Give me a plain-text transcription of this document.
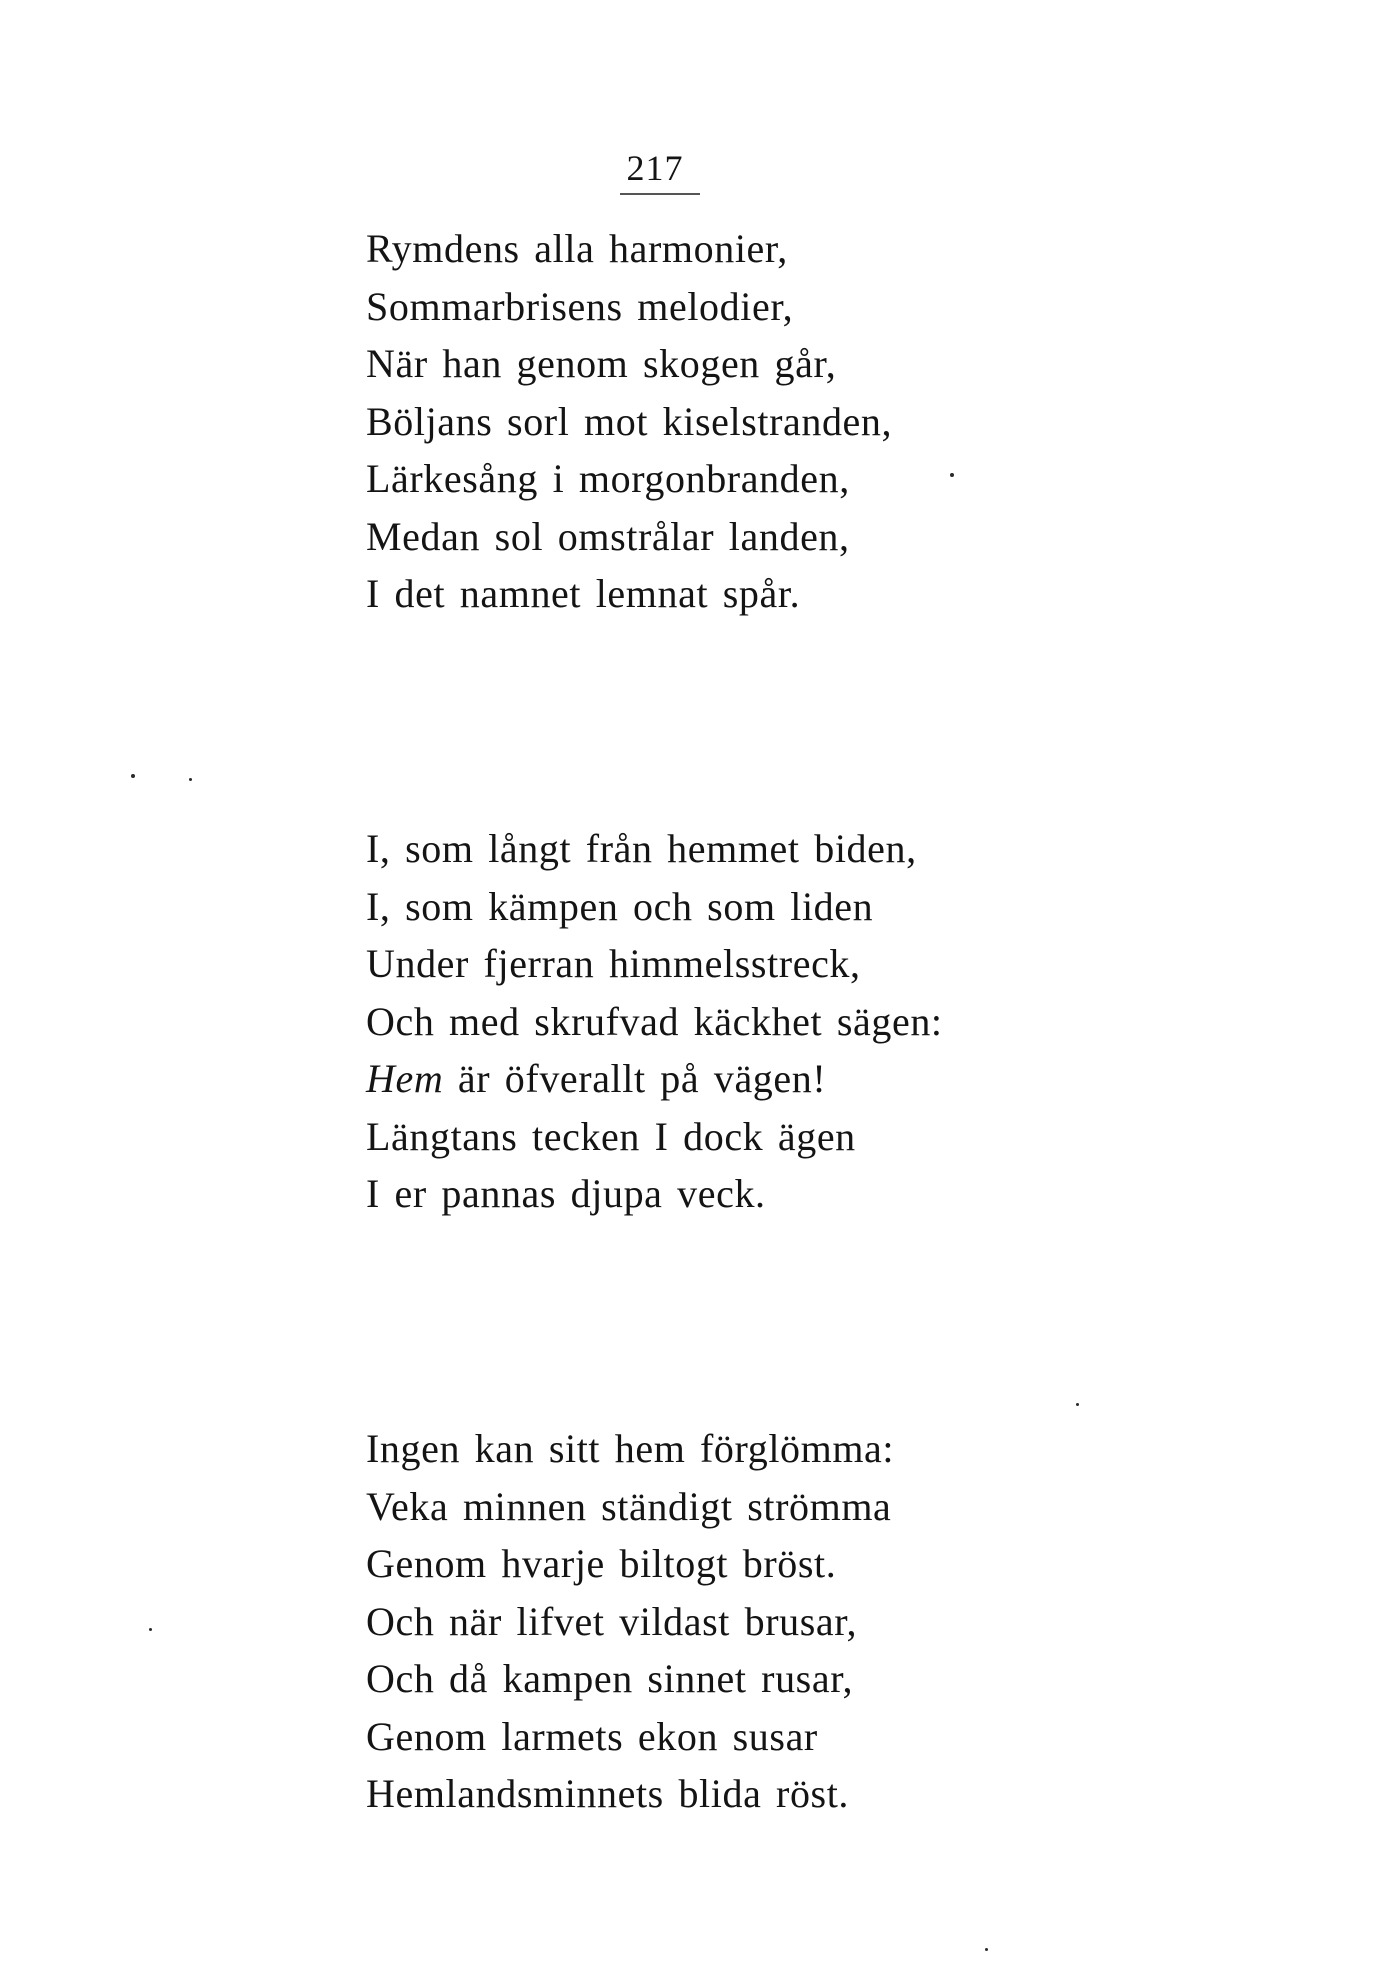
217
Rymdens alla harmonier,
Sommarbrisens melodier,
När han genom skogen går,
Böljans sorl mot kiselstranden,
Lärkesång i morgonbranden,
Medan sol omstrålar landen,
I det namnet lemnat spår.
I, som långt från hemmet biden,
I, som kämpen och som liden
Under fjerran himmelsstreck,
Och med skrufvad käckhet sägen:
Hem är öfverallt på vägen!
Längtans tecken I dock ägen
I er pannas djupa veck.
Ingen kan sitt hem förglömma:
Veka minnen ständigt strömma
Genom hvarje biltogt bröst.
Och när lifvet vildast brusar,
Och då kampen sinnet rusar,
Genom larmets ekon susar
Hemlandsminnets blida röst.
